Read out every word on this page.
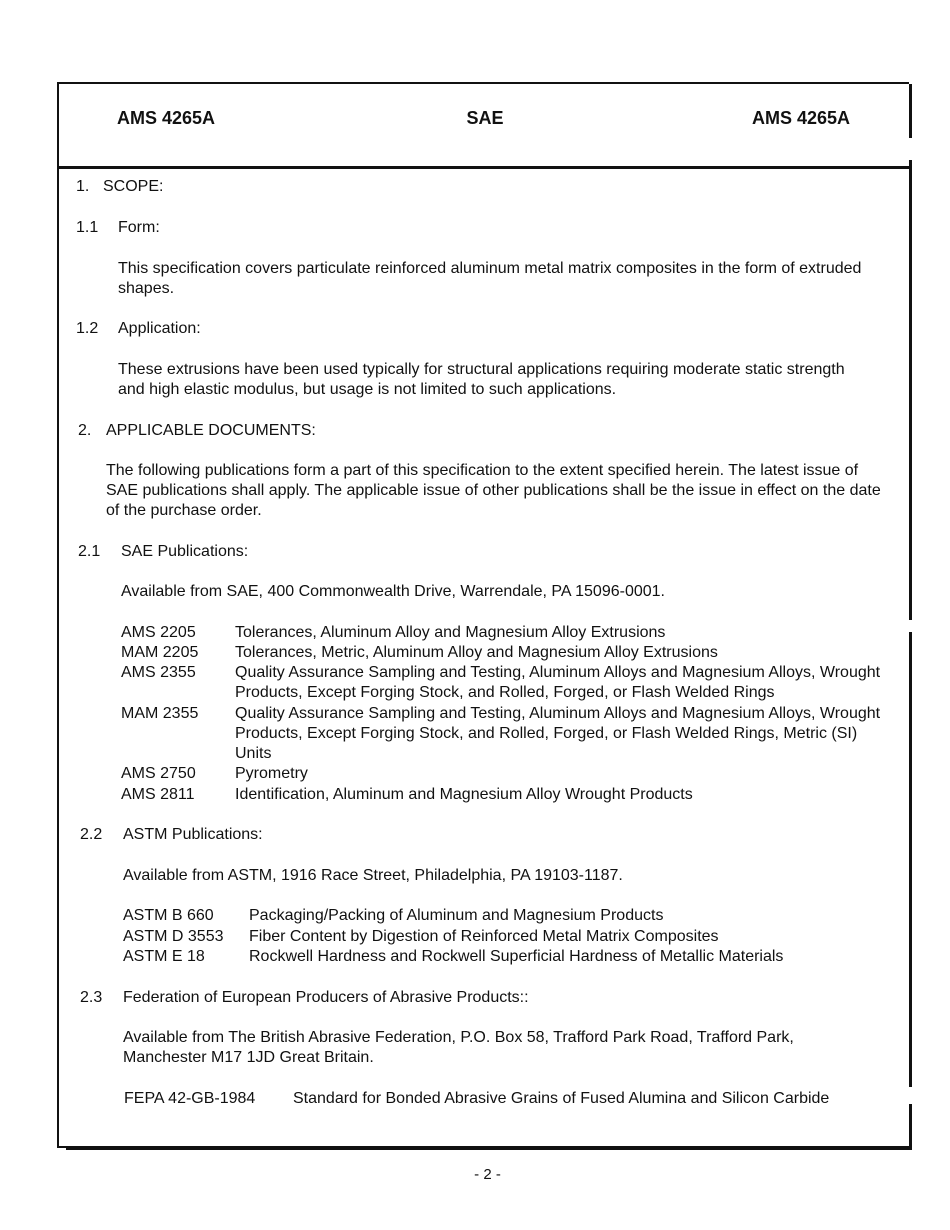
AMS 4265A	SAE	AMS 4265A
1. SCOPE:
1.1 Form:
This specification covers particulate reinforced aluminum metal matrix composites in the form of extruded shapes.
1.2 Application:
These extrusions have been used typically for structural applications requiring moderate static strength and high elastic modulus, but usage is not limited to such applications.
2. APPLICABLE DOCUMENTS:
The following publications form a part of this specification to the extent specified herein. The latest issue of SAE publications shall apply. The applicable issue of other publications shall be the issue in effect on the date of the purchase order.
2.1 SAE Publications:
Available from SAE, 400 Commonwealth Drive, Warrendale, PA 15096-0001.
AMS 2205 Tolerances, Aluminum Alloy and Magnesium Alloy Extrusions
MAM 2205 Tolerances, Metric, Aluminum Alloy and Magnesium Alloy Extrusions
AMS 2355 Quality Assurance Sampling and Testing, Aluminum Alloys and Magnesium Alloys, Wrought Products, Except Forging Stock, and Rolled, Forged, or Flash Welded Rings
MAM 2355 Quality Assurance Sampling and Testing, Aluminum Alloys and Magnesium Alloys, Wrought Products, Except Forging Stock, and Rolled, Forged, or Flash Welded Rings, Metric (SI) Units
AMS 2750 Pyrometry
AMS 2811	Identification, Aluminum and Magnesium Alloy Wrought Products
2.2 ASTM Publications:
Available from ASTM, 1916 Race Street, Philadelphia, PA 19103-1187.
ASTM B 660 Packaging/Packing of Aluminum and Magnesium Products
ASTM D 3553 Fiber Content by Digestion of Reinforced Metal Matrix Composites
ASTM E 18	Rockwell Hardness and Rockwell Superficial Hardness of Metallic Materials
2.3 Federation of European Producers of Abrasive Products::
Available from The British Abrasive Federation, P.O. Box 58, Trafford Park Road, Trafford Park, Manchester M17 1JD Great Britain.
FEPA 42-GB-1984 Standard for Bonded Abrasive Grains of Fused Alumina and Silicon Carbide
- 2 -
